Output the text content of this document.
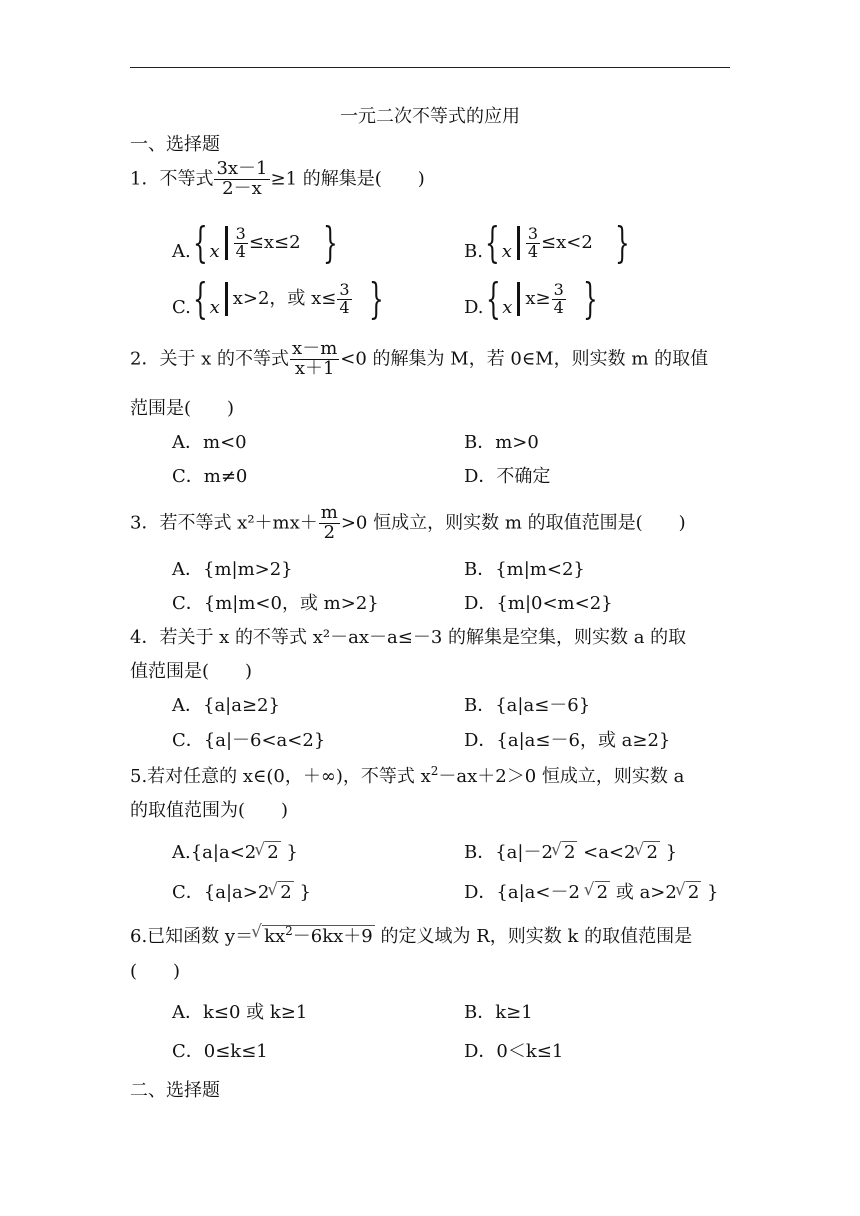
一元二次不等式的应用
一、选择题
1．不等式 $\frac{3x-1}{2-x} \ge 1$ 的解集是(　　)
A. { x $\frac{3}{4} \le x\le 2$ }	B. { x $\frac{3}{4} \le x<2$ }
C. { x x>2，或 $x\le \frac{3}{4}$ }	D. { x $x\ge \frac{3}{4}$ }
2．关于 x 的不等式 $\frac{x-m}{x+1} <0$ 的解集为 M，若 0∈M，则实数 m 的取值
范围是(　　)
A．m<0	B．m>0
C．m≠0	D．不确定
3．若不等式 $x^2+mx+ \frac{m}{2} >0$ 恒成立，则实数 m 的取值范围是(　　)
A．{m|m>2}	B．{m|m<2}
C．{m|m<0，或 m>2}	D．{m|0<m<2}
4．若关于 x 的不等式 x²－ax－a≤－3 的解集是空集，则实数 a 的取
值范围是(　　)
A．{a|a≥2}	B．{a|a≤－6}
C．{a|－6<a<2}	D．{a|a≤－6，或 a≥2}
5.若对任意的 x∈(0，＋∞)，不等式 $x^2-ax+2>0$ 恒成立，则实数 a
的取值范围为(　　)
A.{a|a<2 √ 2 }	B．{a|－2 √ 2 <a<2 √ 2 }
C．{a|a>2 √ 2 }	D．{a|a<－2 √ 2 或 a>2 √ 2 }
6.已知函数 y＝ √ $kx^2-6kx+9$ 的定义域为 R，则实数 k 的取值范围是
(　　)
A．k≤0 或 k≥1	B．k≥1
C．0≤k≤1	D．0＜k≤1
二、选择题
